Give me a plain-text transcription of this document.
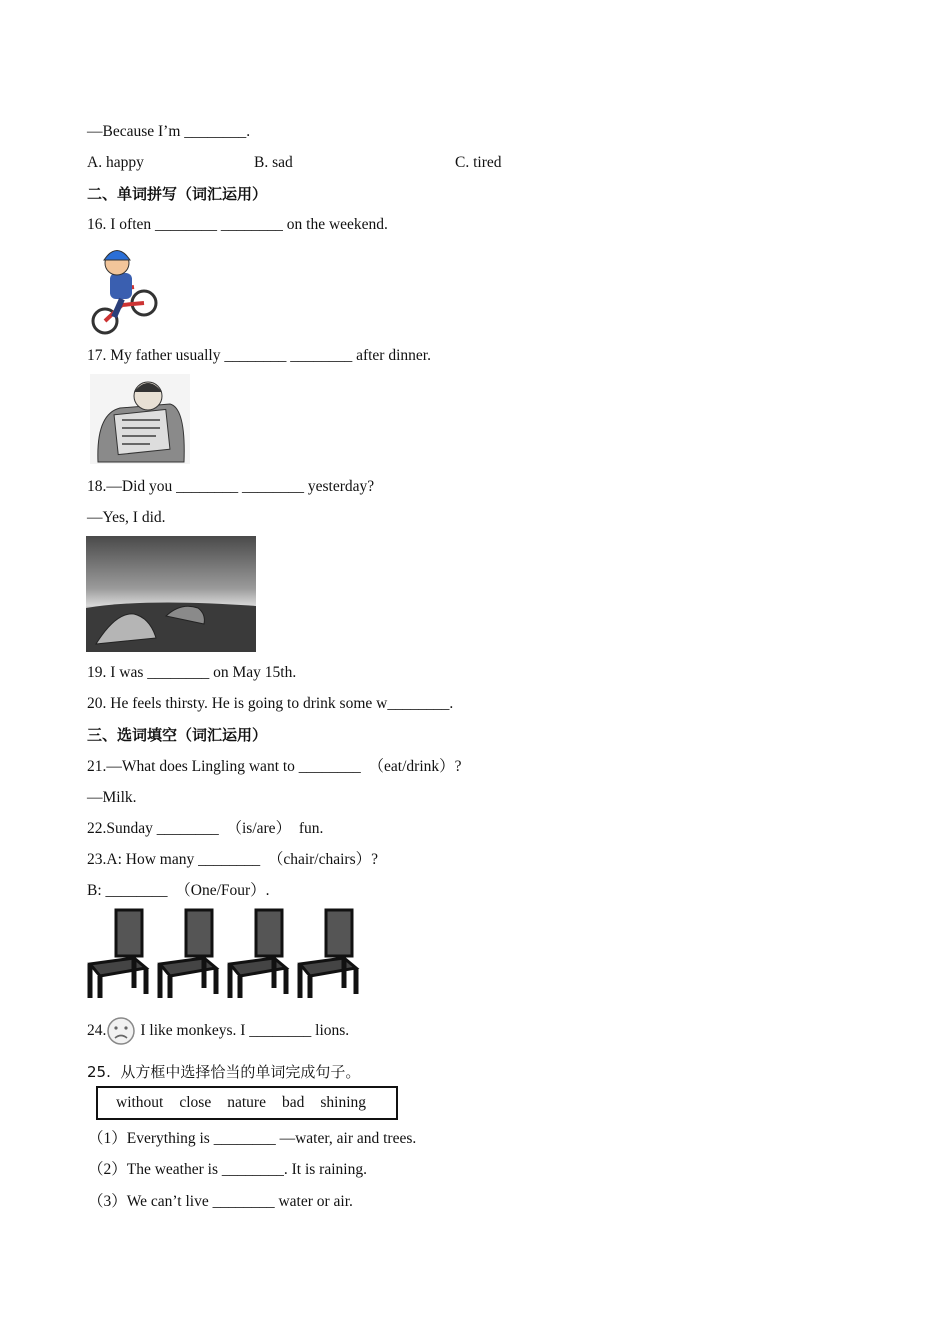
—Because I’m ________.
A. happy	B. sad	C. tired
二、单词拼写（词汇运用）
16. I often ________ ________ on the weekend.
17. My father usually ________ ________ after dinner.
18.—Did you ________ ________ yesterday?
—Yes, I did.
19. I was ________ on May 15th.
20. He feels thirsty. He is going to drink some w________.
三、选词填空（词汇运用）
21.—What does Lingling want to ________  （eat/drink）?
—Milk.
22.Sunday ________  （is/are）  fun.
23.A: How many ________  （chair/chairs）?
B: ________  （One/Four）.
24. I like monkeys. I ________ lions.
25.  从方框中选择恰当的单词完成句子。
without close nature bad shining
（1）Everything is ________ —water, air and trees.
（2）The weather is ________. It is raining.
（3）We can’t live ________ water or air.
